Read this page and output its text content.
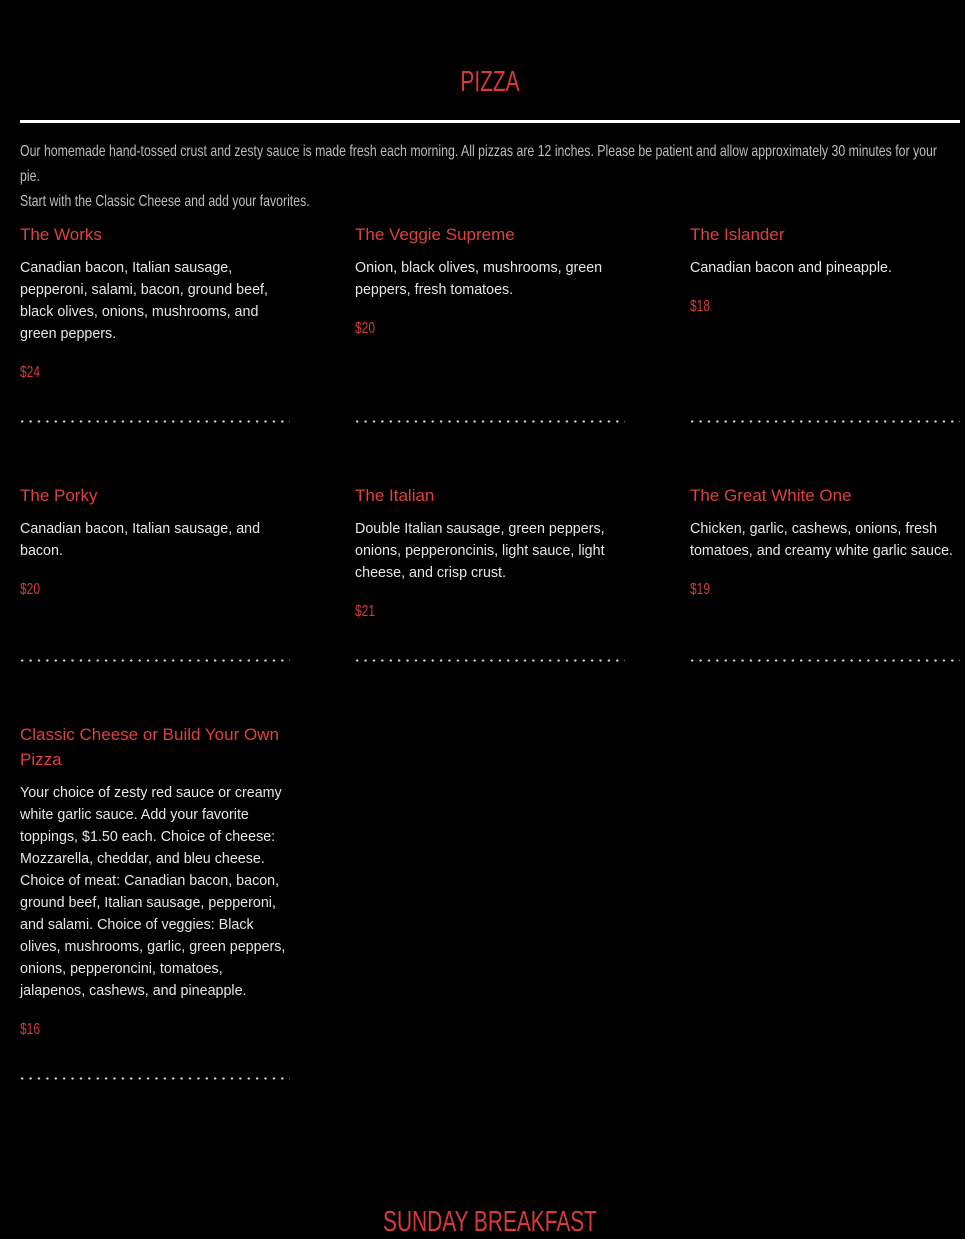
PIZZA
Our homemade hand-tossed crust and zesty sauce is made fresh each morning. All pizzas are 12 inches. Please be patient and allow approximately 30 minutes for your pie.
Start with the Classic Cheese and add your favorites.
The Works
Canadian bacon, Italian sausage, pepperoni, salami, bacon, ground beef, black olives, onions, mushrooms, and green peppers.
$24
The Veggie Supreme
Onion, black olives, mushrooms, green peppers, fresh tomatoes.
$20
The Islander
Canadian bacon and pineapple.
$18
The Porky
Canadian bacon, Italian sausage, and bacon.
$20
The Italian
Double Italian sausage, green peppers, onions, pepperoncinis, light sauce, light cheese, and crisp crust.
$21
The Great White One
Chicken, garlic, cashews, onions, fresh tomatoes, and creamy white garlic sauce.
$19
Classic Cheese or Build Your Own Pizza
Your choice of zesty red sauce or creamy white garlic sauce. Add your favorite toppings, $1.50 each. Choice of cheese: Mozzarella, cheddar, and bleu cheese. Choice of meat: Canadian bacon, bacon, ground beef, Italian sausage, pepperoni, and salami. Choice of veggies: Black olives, mushrooms, garlic, green peppers, onions, pepperoncini, tomatoes, jalapenos, cashews, and pineapple.
$16
SUNDAY BREAKFAST
